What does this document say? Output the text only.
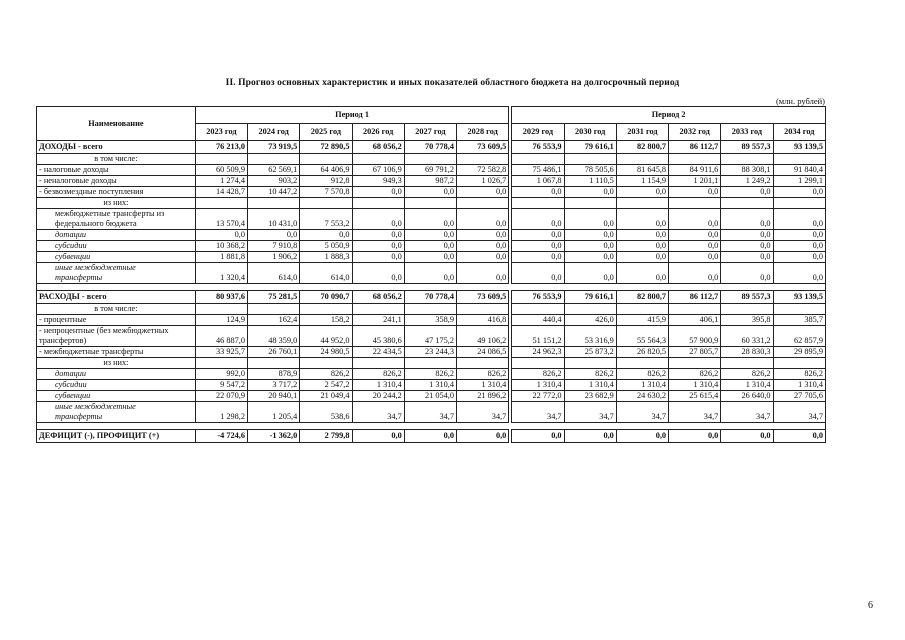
II. Прогноз основных характеристик и иных показателей областного бюджета на долгосрочный период
(млн. рублей)
Наименование	Период 1							Период 2					
	2023 год	2024 год	2025 год	2026 год	2027 год	2028 год		2029 год	2030 год	2031 год	2032 год	2033 год	2034 год
ДОХОДЫ - всего	76 213,0	73 919,5	72 890,5	68 056,2	70 778,4	73 609,5		76 553,9	79 616,1	82 800,7	86 112,7	89 557,3	93 139,5
в том числе:													
- налоговые доходы	60 509,9	62 569,1	64 406,9	67 106,9	69 791,2	72 582,8		75 486,1	78 505,6	81 645,8	84 911,6	88 308,1	91 840,4
- неналоговые доходы	1 274,4	903,2	912,8	949,3	987,2	1 026,7		1 067,8	1 110,5	1 154,9	1 201,1	1 249,2	1 299,1
- безвозмездные поступления	14 428,7	10 447,2	7 570,8	0,0	0,0	0,0		0,0	0,0	0,0	0,0	0,0	0,0
из них:													

межбюджетные трансферты из
федерального бюджета	13 570,4	10 431,0	7 553,2	0,0	0,0	0,0		0,0	0,0	0,0	0,0	0,0	0,0
дотации	0,0	0,0	0,0	0,0	0,0	0,0		0,0	0,0	0,0	0,0	0,0	0,0
субсидии	10 368,2	7 910,8	5 050,9	0,0	0,0	0,0		0,0	0,0	0,0	0,0	0,0	0,0
субвенции	1 881,8	1 906,2	1 888,3	0,0	0,0	0,0		0,0	0,0	0,0	0,0	0,0	0,0

иные межбюджетные
трансферты	1 320,4	614,0	614,0	0,0	0,0	0,0		0,0	0,0	0,0	0,0	0,0	0,0

РАСХОДЫ - всего	80 937,6	75 281,5	70 090,7	68 056,2	70 778,4	73 609,5		76 553,9	79 616,1	82 800,7	86 112,7	89 557,3	93 139,5
в том числе:													
- процентные	124,9	162,4	158,2	241,1	358,9	416,8		440,4	426,0	415,9	406,1	395,8	385,7

- непроцентные (без межбюджетных
трансфертов)	46 887,0	48 359,0	44 952,0	45 380,6	47 175,2	49 106,2		51 151,2	53 316,9	55 564,3	57 900,9	60 331,2	62 857,9
- межбюджетные трансферты	33 925,7	26 760,1	24 980,5	22 434,5	23 244,3	24 086,5		24 962,3	25 873,2	26 820,5	27 805,7	28 830,3	29 895,9
из них:													
дотации	992,0	878,9	826,2	826,2	826,2	826,2		826,2	826,2	826,2	826,2	826,2	826,2
субсидии	9 547,2	3 717,2	2 547,2	1 310,4	1 310,4	1 310,4		1 310,4	1 310,4	1 310,4	1 310,4	1 310,4	1 310,4
субвенции	22 070,9	20 940,1	21 049,4	20 244,2	21 054,0	21 896,2		22 772,0	23 682,9	24 630,2	25 615,4	26 640,0	27 705,6

иные межбюджетные
трансферты	1 298,2	1 205,4	538,6	34,7	34,7	34,7		34,7	34,7	34,7	34,7	34,7	34,7

ДЕФИЦИТ (-), ПРОФИЦИТ (+)	-4 724,6	-1 362,0	2 799,8	0,0	0,0	0,0		0,0	0,0	0,0	0,0	0,0	0,0
6
